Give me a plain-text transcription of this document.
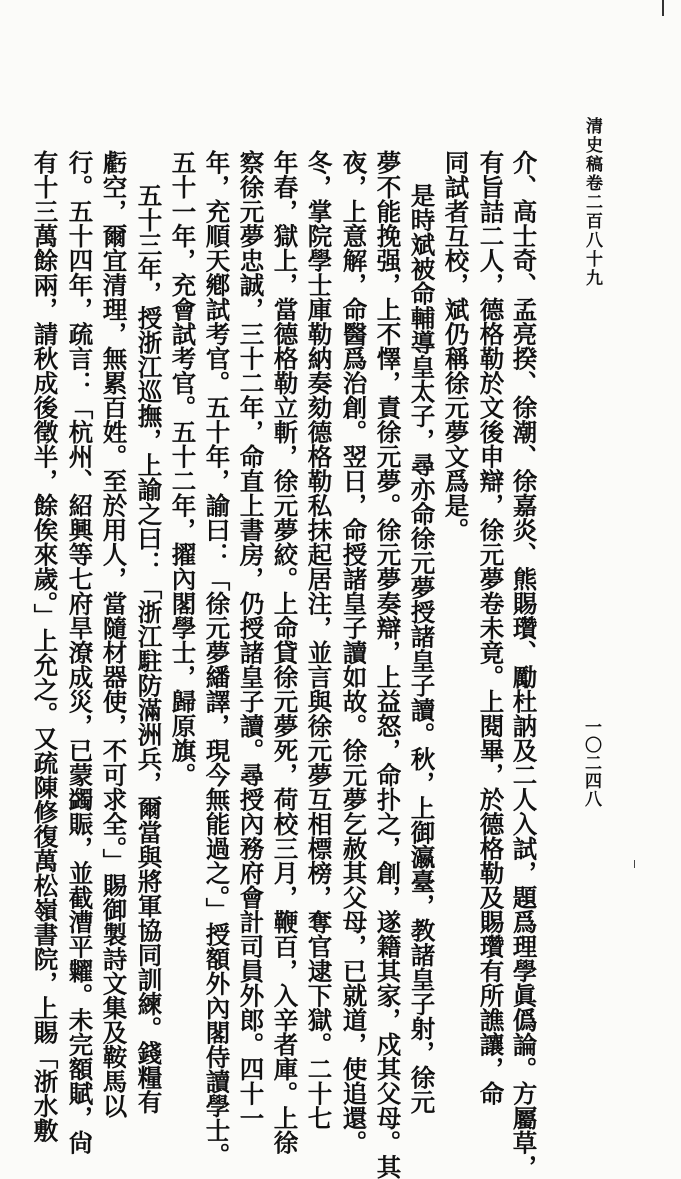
清史稿卷二百八十九
一〇二四八
介、高士奇、孟亮揆、徐潮、徐嘉炎、熊賜瓚、勵杜訥及二人入試，題爲理學眞僞論。方屬草，
有旨詰二人，德格勒於文後申辯，徐元夢卷未竟。上閱畢，於德格勒及賜瓚有所譙讓，命
同試者互校，斌仍稱徐元夢文爲是。
是時斌被命輔導皇太子，尋亦命徐元夢授諸皇子讀。秋，上御瀛臺，教諸皇子射，徐元
夢不能挽强，上不懌，責徐元夢。徐元夢奏辯，上益怒，命扑之，創，遂籍其家，戍其父母。其
夜，上意解，命醫爲治創。翌日，命授諸皇子讀如故。徐元夢乞赦其父母，已就道，使追還。
冬，掌院學士庫勒納奏劾德格勒私抹起居注，並言與徐元夢互相標榜，奪官逮下獄。二十七
年春，獄上，當德格勒立斬，徐元夢絞。上命貸徐元夢死，荷校三月，鞭百，入辛者庫。上徐
察徐元夢忠誠，三十二年，命直上書房，仍授諸皇子讀。尋授內務府會計司員外郎。四十一
年，充順天鄕試考官。五十年，諭曰：「徐元夢繙譯，現今無能過之。」授額外內閣侍讀學士。
五十一年，充會試考官。五十二年，擢內閣學士，歸原旗。
五十三年，授浙江巡撫，上諭之曰：「浙江駐防滿洲兵，爾當與將軍協同訓練。錢糧有
虧空，爾宜清理，無累百姓。至於用人，當隨材器使，不可求全。」賜御製詩文集及鞍馬以
行。五十四年，疏言：「杭州、紹興等七府旱潦成災，已蒙蠲賑，並截漕平糶。未完額賦，尙
有十三萬餘兩，請秋成後徵半，餘俟來歲。」上允之。又疏陳修復萬松嶺書院，上賜「浙水敷
